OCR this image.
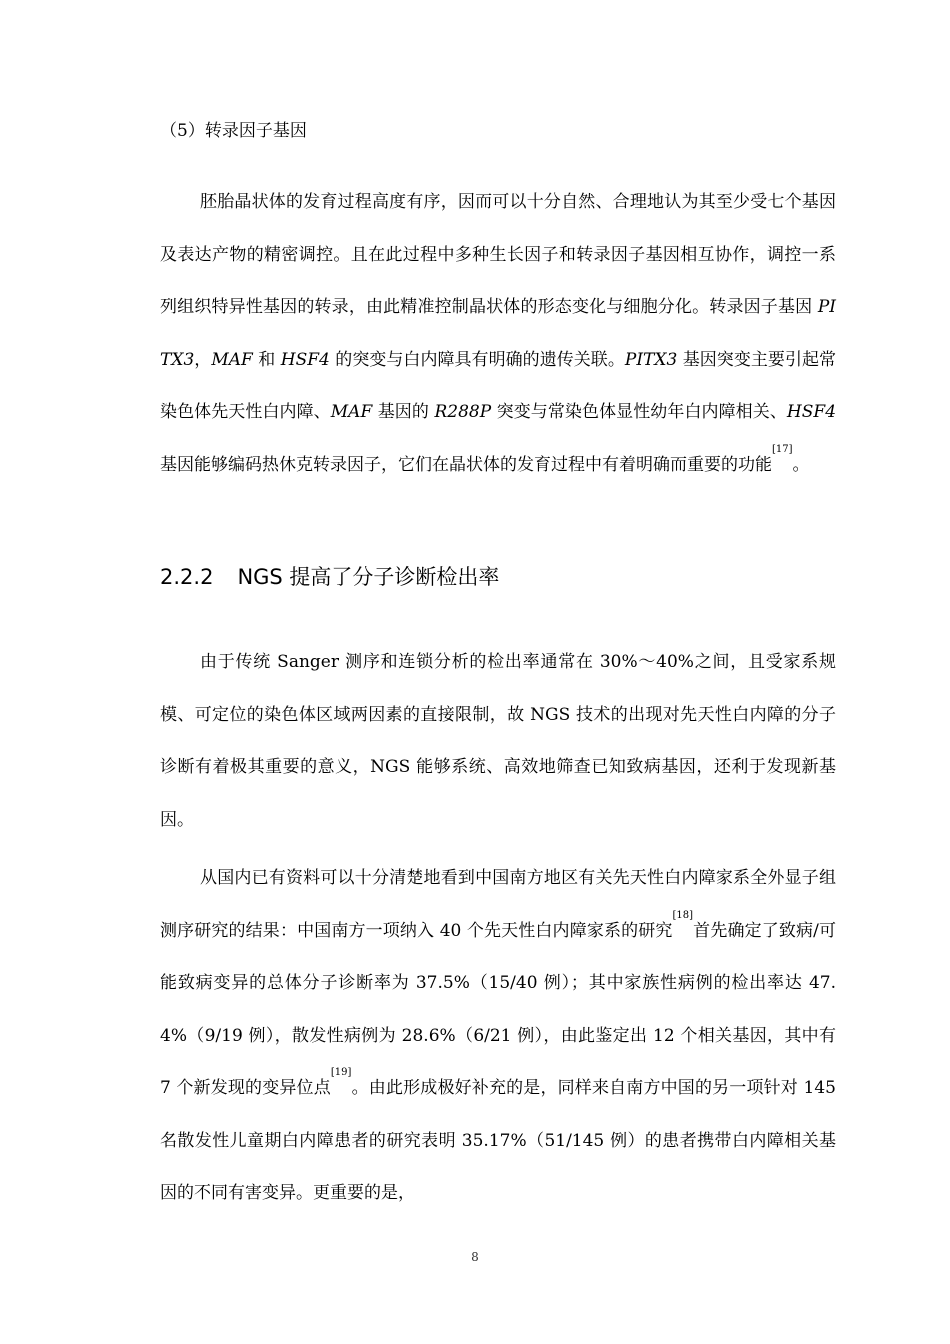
（5）转录因子基因

胚胎晶状体的发育过程高度有序，因而可以十分自然、合理地认为其至少受七个基因及表达产物的精密调控。且在此过程中多种生长因子和转录因子基因相互协作，调控一系列组织特异性基因的转录，由此精准控制晶状体的形态变化与细胞分化。转录因子基因 PITX3，MAF 和 HSF4 的突变与白内障具有明确的遗传关联。PITX3 基因突变主要引起常染色体先天性白内障、MAF 基因的 R288P 突变与常染色体显性幼年白内障相关、HSF4 基因能够编码热休克转录因子，它们在晶状体的发育过程中有着明确而重要的功能[17]。

2.2.2 NGS 提高了分子诊断检出率

由于传统 Sanger 测序和连锁分析的检出率通常在 30%～40%之间，且受家系规模、可定位的染色体区域两因素的直接限制，故 NGS 技术的出现对先天性白内障的分子诊断有着极其重要的意义，NGS 能够系统、高效地筛查已知致病基因，还利于发现新基因。

从国内已有资料可以十分清楚地看到中国南方地区有关先天性白内障家系全外显子组测序研究的结果：中国南方一项纳入 40 个先天性白内障家系的研究[18]首先确定了致病/可能致病变异的总体分子诊断率为 37.5%（15/40 例）；其中家族性病例的检出率达 47.4%（9/19 例），散发性病例为 28.6%（6/21 例），由此鉴定出 12 个相关基因，其中有 7 个新发现的变异位点[19]。由此形成极好补充的是，同样来自南方中国的另一项针对 145 名散发性儿童期白内障患者的研究表明 35.17%（51/145 例）的患者携带白内障相关基因的不同有害变异。更重要的是，

8
